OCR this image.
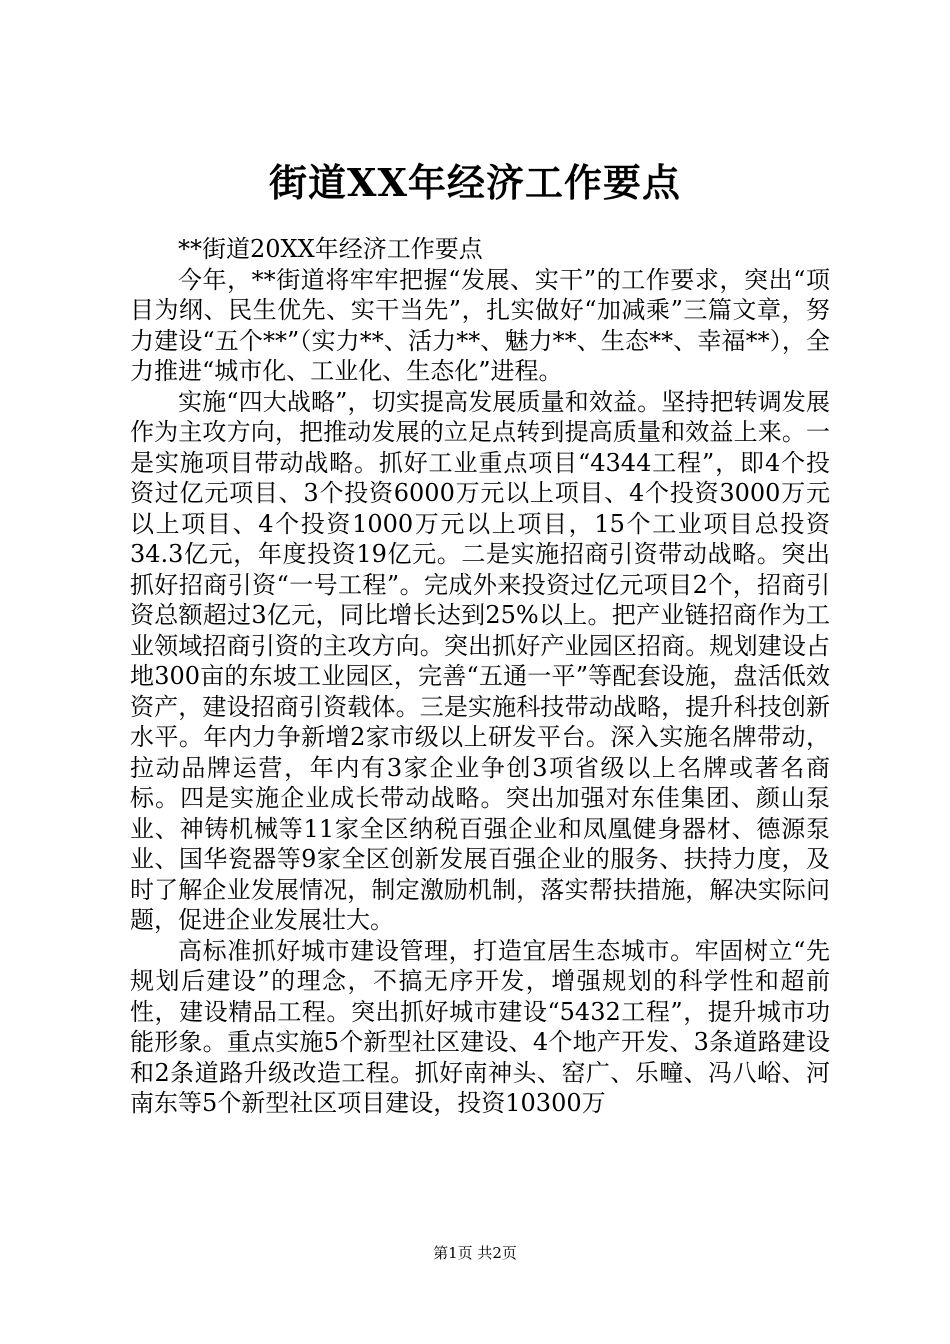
街道XX年经济工作要点

**街道20XX年经济工作要点

今年，**街道将牢牢把握“发展、实干”的工作要求，突出“项目为纲、民生优先、实干当先”，扎实做好“加减乘”三篇文章，努力建设“五个**”（实力**、活力**、魅力**、生态**、幸福**），全力推进“城市化、工业化、生态化”进程。

实施“四大战略”，切实提高发展质量和效益。坚持把转调发展作为主攻方向，把推动发展的立足点转到提高质量和效益上来。一是实施项目带动战略。抓好工业重点项目“4344工程”，即4个投资过亿元项目、3个投资6000万元以上项目、4个投资3000万元以上项目、4个投资1000万元以上项目，15个工业项目总投资34.3亿元，年度投资19亿元。二是实施招商引资带动战略。突出抓好招商引资“一号工程”。完成外来投资过亿元项目2个，招商引资总额超过3亿元，同比增长达到25%以上。把产业链招商作为工业领域招商引资的主攻方向。突出抓好产业园区招商。规划建设占地300亩的东坡工业园区，完善“五通一平”等配套设施，盘活低效资产，建设招商引资载体。三是实施科技带动战略，提升科技创新水平。年内力争新增2家市级以上研发平台。深入实施名牌带动，拉动品牌运营，年内有3家企业争创3项省级以上名牌或著名商标。四是实施企业成长带动战略。突出加强对东佳集团、颜山泵业、神铸机械等11家全区纳税百强企业和凤凰健身器材、德源泵业、国华瓷器等9家全区创新发展百强企业的服务、扶持力度，及时了解企业发展情况，制定激励机制，落实帮扶措施，解决实际问题，促进企业发展壮大。

高标准抓好城市建设管理，打造宜居生态城市。牢固树立“先规划后建设”的理念，不搞无序开发，增强规划的科学性和超前性，建设精品工程。突出抓好城市建设“5432工程”，提升城市功能形象。重点实施5个新型社区建设、4个地产开发、3条道路建设和2条道路升级改造工程。抓好南神头、窑广、乐疃、冯八峪、河南东等5个新型社区项目建设，投资10300万

第1页 共2页
